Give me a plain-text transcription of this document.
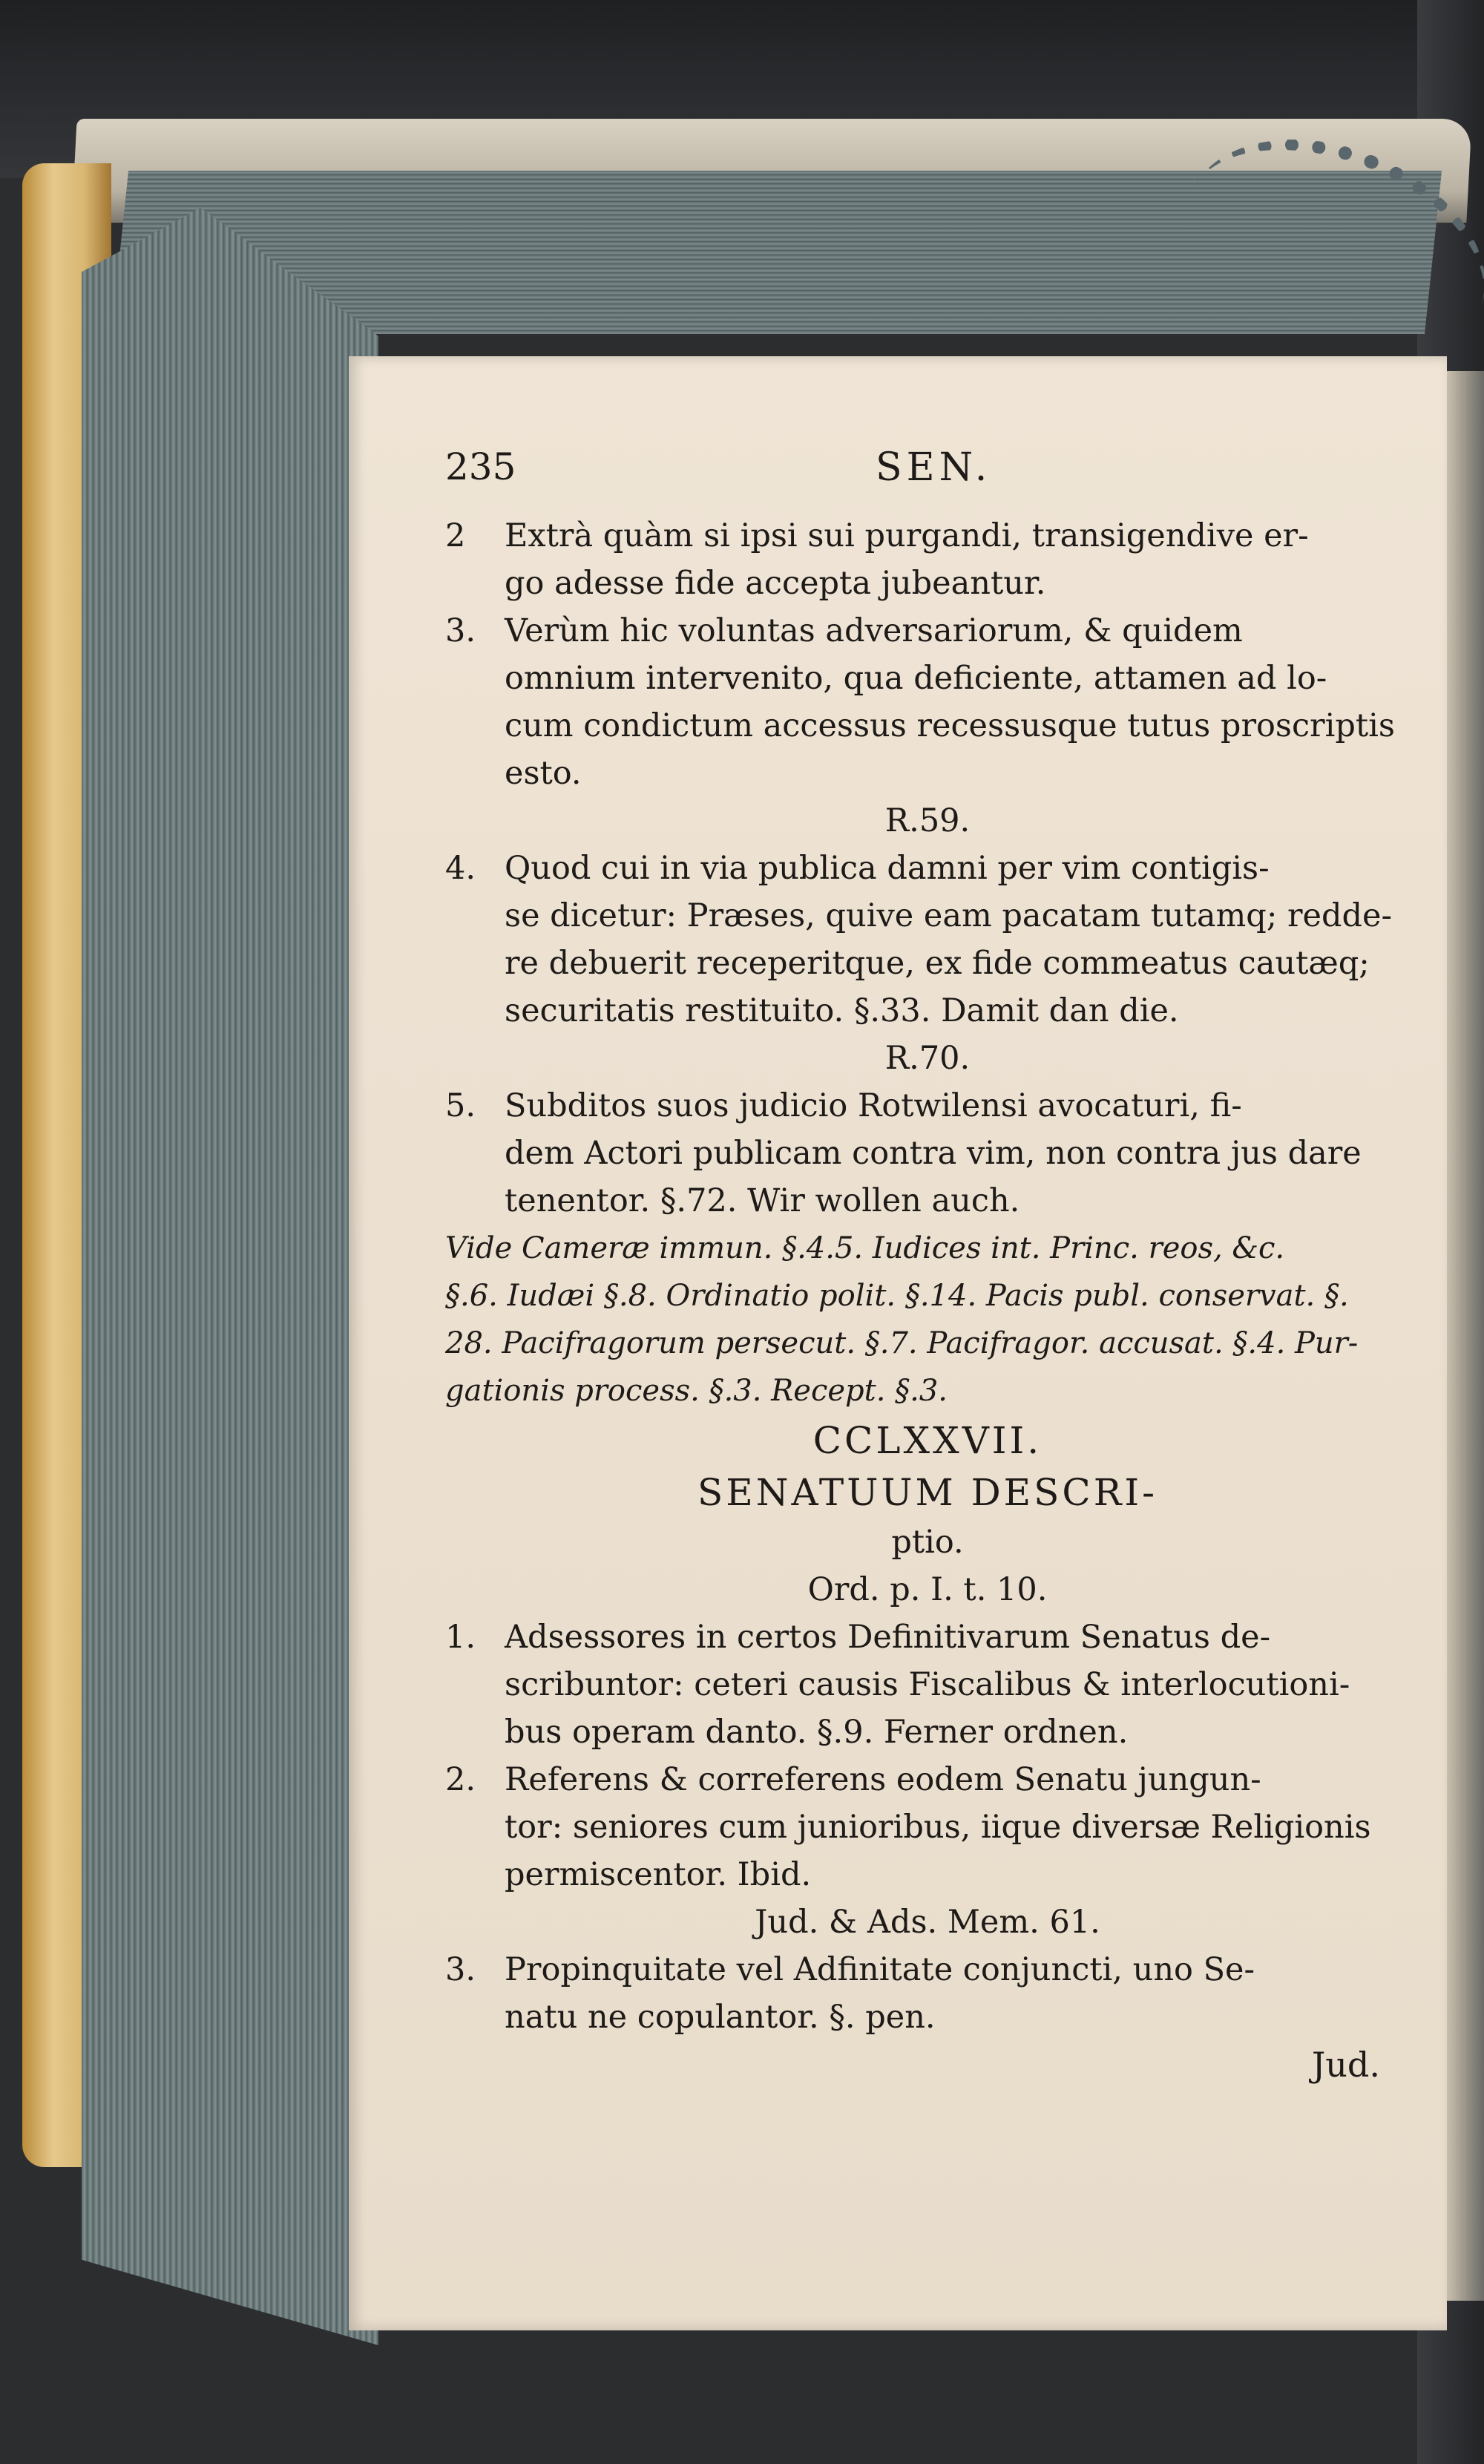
235	SEN.
2 Extrà quàm si ipsi sui purgandi, transigendive er-
go adesse fide accepta jubeantur.
3. Verùm hic voluntas adversariorum, & quidem
omnium intervenito, qua deficiente, attamen ad lo-
cum condictum accessus recessusque tutus proscriptis
esto.
R.59.
4. Quod cui in via publica damni per vim contigis-
se dicetur: Præses, quive eam pacatam tutamq; redde-
re debuerit receperitque, ex fide commeatus cautæq;
securitatis restituito. §.33. Damit dan die.
R.70.
5. Subditos suos judicio Rotwilensi avocaturi, fi-
dem Actori publicam contra vim, non contra jus dare
tenentor. §.72. Wir wollen auch.
Vide Cameræ immun. §.4.5. Iudices int. Princ. reos, &c.
§.6. Iudæi §.8. Ordinatio polit. §.14. Pacis publ. conservat. §.
28. Pacifragorum persecut. §.7. Pacifragor. accusat. §.4. Pur-
gationis process. §.3. Recept. §.3.
CCLXXVII.
SENATUUM DESCRI-
ptio.
Ord. p. I. t. 10.
1. Adsessores in certos Definitivarum Senatus de-
scribuntor: ceteri causis Fiscalibus & interlocutioni-
bus operam danto. §.9. Ferner ordnen.
2. Referens & correferens eodem Senatu jungun-
tor: seniores cum junioribus, iique diversæ Religionis
permiscentor. Ibid.
Jud. & Ads. Mem. 61.
3. Propinquitate vel Adfinitate conjuncti, uno Se-
natu ne copulantor. §. pen.
Jud.
